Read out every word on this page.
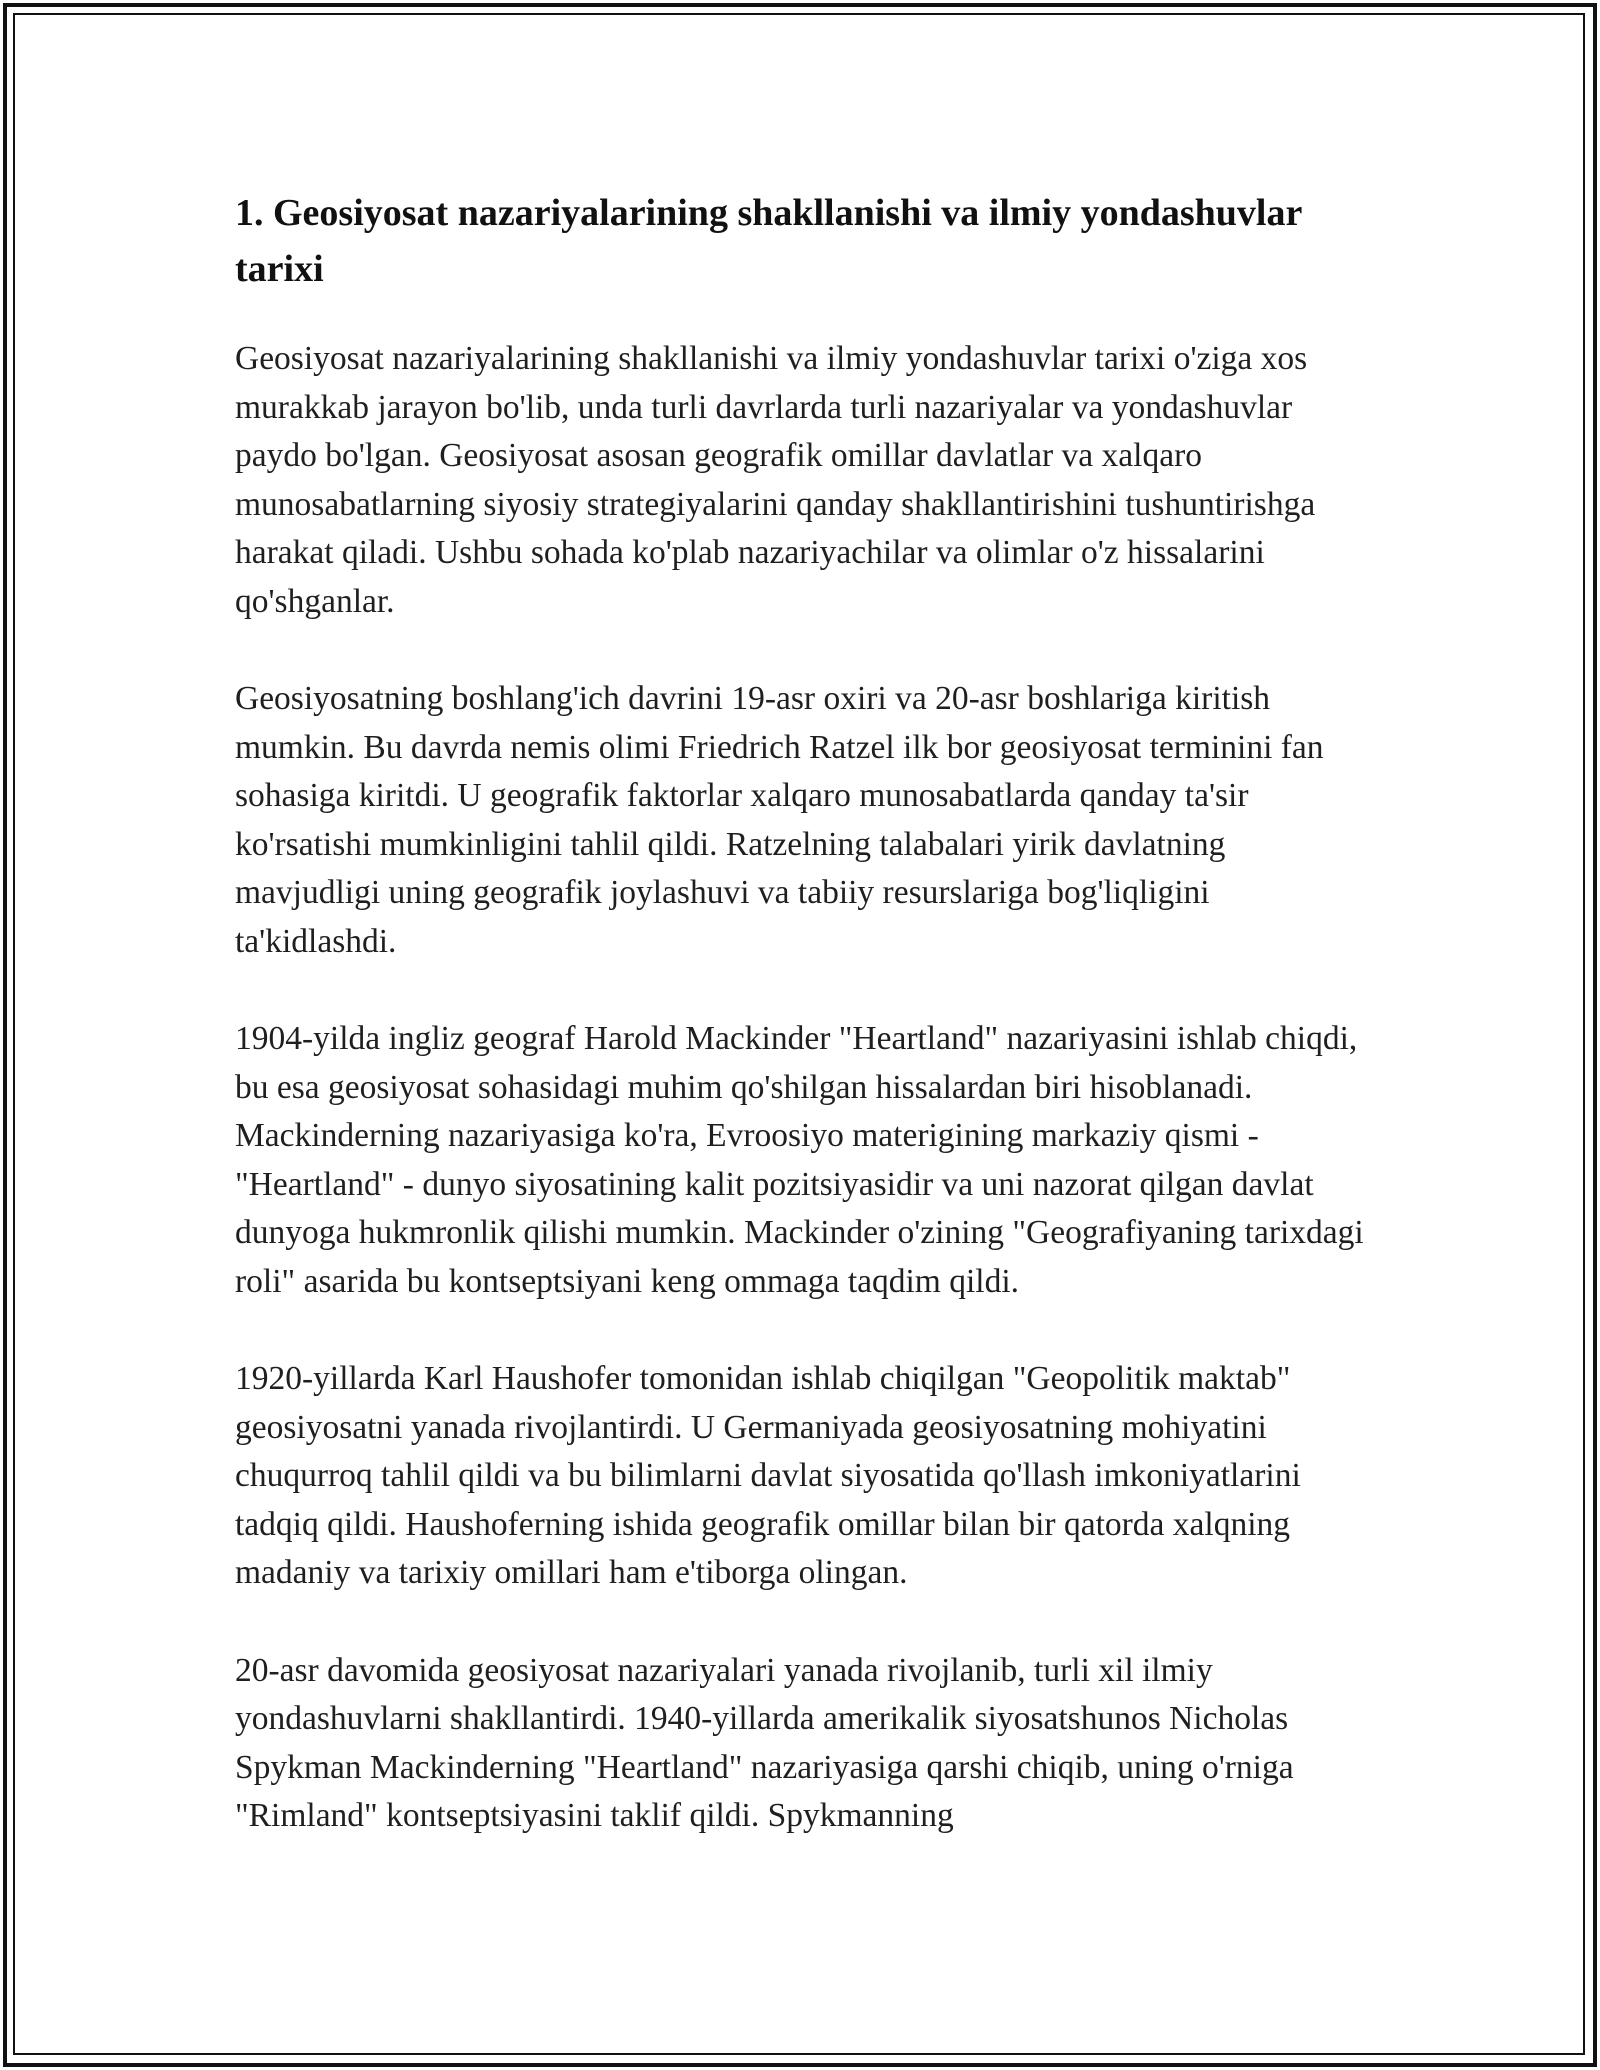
1. Geosiyosat nazariyalarining shakllanishi va ilmiy yondashuvlar tarixi

Geosiyosat nazariyalarining shakllanishi va ilmiy yondashuvlar tarixi o'ziga xos murakkab jarayon bo'lib, unda turli davrlarda turli nazariyalar va yondashuvlar paydo bo'lgan. Geosiyosat asosan geografik omillar davlatlar va xalqaro munosabatlarning siyosiy strategiyalarini qanday shakllantirishini tushuntirishga harakat qiladi. Ushbu sohada ko'plab nazariyachilar va olimlar o'z hissalarini qo'shganlar.

Geosiyosatning boshlang'ich davrini 19-asr oxiri va 20-asr boshlariga kiritish mumkin. Bu davrda nemis olimi Friedrich Ratzel ilk bor geosiyosat terminini fan sohasiga kiritdi. U geografik faktorlar xalqaro munosabatlarda qanday ta'sir ko'rsatishi mumkinligini tahlil qildi. Ratzelning talabalari yirik davlatning mavjudligi uning geografik joylashuvi va tabiiy resurslariga bog'liqligini ta'kidlashdi.

1904-yilda ingliz geograf Harold Mackinder "Heartland" nazariyasini ishlab chiqdi, bu esa geosiyosat sohasidagi muhim qo'shilgan hissalardan biri hisoblanadi. Mackinderning nazariyasiga ko'ra, Evroosiyo materigining markaziy qismi - "Heartland" - dunyo siyosatining kalit pozitsiyasidir va uni nazorat qilgan davlat dunyoga hukmronlik qilishi mumkin. Mackinder o'zining "Geografiyaning tarixdagi roli" asarida bu kontseptsiyani keng ommaga taqdim qildi.

1920-yillarda Karl Haushofer tomonidan ishlab chiqilgan "Geopolitik maktab" geosiyosatni yanada rivojlantirdi. U Germaniyada geosiyosatning mohiyatini chuqurroq tahlil qildi va bu bilimlarni davlat siyosatida qo'llash imkoniyatlarini tadqiq qildi. Haushoferning ishida geografik omillar bilan bir qatorda xalqning madaniy va tarixiy omillari ham e'tiborga olingan.

20-asr davomida geosiyosat nazariyalari yanada rivojlanib, turli xil ilmiy yondashuvlarni shakllantirdi. 1940-yillarda amerikalik siyosatshunos Nicholas Spykman Mackinderning "Heartland" nazariyasiga qarshi chiqib, uning o'rniga "Rimland" kontseptsiyasini taklif qildi. Spykmanning
